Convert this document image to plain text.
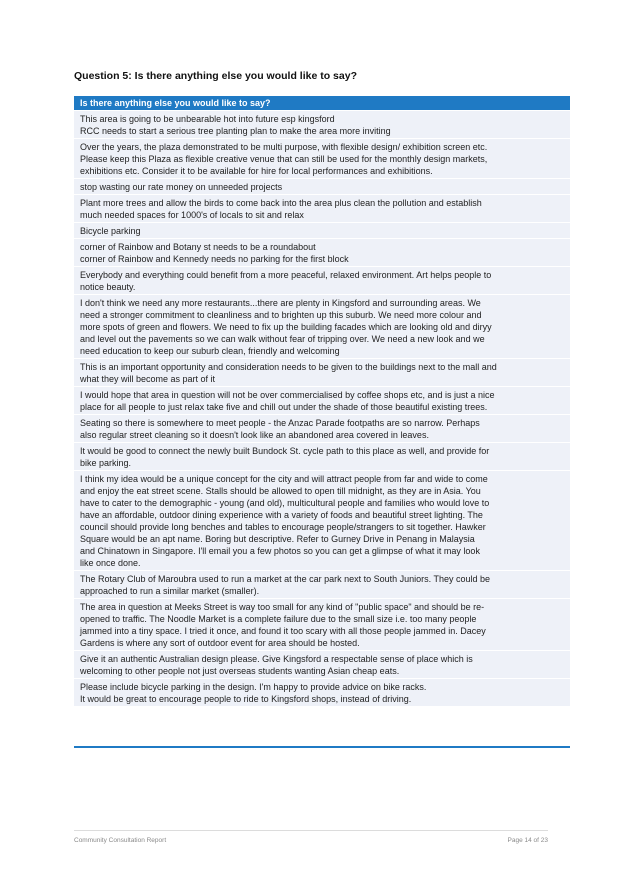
Question 5: Is there anything else you would like to say?
Is there anything else you would like to say?
This area is going to be unbearable hot into future esp kingsford
RCC needs to start a serious tree planting plan to make the area more inviting
Over the years, the plaza demonstrated to be multi purpose, with flexible design/ exhibition screen etc.
Please keep this Plaza as flexible creative venue that can still be used for the monthly design markets,
exhibitions etc. Consider it to be available for hire for local performances and exhibitions.
stop wasting our rate money on unneeded projects
Plant more trees and allow the birds to come back into the area plus clean the pollution and establish
much needed spaces for 1000's of locals to sit and relax
Bicycle parking
corner of Rainbow and Botany st needs to be a roundabout
corner of Rainbow and Kennedy needs no parking for the first block
Everybody and everything could benefit from a more peaceful, relaxed environment. Art helps people to
notice beauty.
I don't think we need any more restaurants...there are plenty in Kingsford and surrounding areas. We
need a stronger commitment to cleanliness and to brighten up this suburb. We need more colour and
more spots of green and flowers. We need to fix up the building facades which are looking old and diryy
and level out the pavements so we can walk without fear of tripping over. We need a new look and we
need education to keep our suburb clean, friendly and welcoming
This is an important opportunity and consideration needs to be given to the buildings next to the mall and
what they will become as part of it
I would hope that area in question will not be over commercialised by coffee shops etc, and is just a nice
place for all people to just relax take five and chill out under the shade of those beautiful existing trees.
Seating so there is somewhere to meet people - the Anzac Parade footpaths are so narrow. Perhaps
also regular street cleaning so it doesn't look like an abandoned area covered in leaves.
It would be good to connect the newly built Bundock St. cycle path to this place as well, and provide for
bike parking.
I think my idea would be a unique concept for the city and will attract people from far and wide to come
and enjoy the eat street scene. Stalls should be allowed to open till midnight, as they are in Asia. You
have to cater to the demographic - young (and old), multicultural people and families who would love to
have an affordable, outdoor dining experience with a variety of foods and beautiful street lighting. The
council should provide long benches and tables to encourage people/strangers to sit together. Hawker
Square would be an apt name. Boring but descriptive. Refer to Gurney Drive in Penang in Malaysia
and Chinatown in Singapore. I'll email you a few photos so you can get a glimpse of what it may look
like once done.
The Rotary Club of Maroubra used to run a market at the car park next to South Juniors. They could be
approached to run a similar market (smaller).
The area in question at Meeks Street is way too small for any kind of "public space" and should be re-
opened to traffic. The Noodle Market is a complete failure due to the small size i.e. too many people
jammed into a tiny space. I tried it once, and found it too scary with all those people jammed in. Dacey
Gardens is where any sort of outdoor event for area should be hosted.
Give it an authentic Australian design please. Give Kingsford a respectable sense of place which is
welcoming to other people not just overseas students wanting Asian cheap eats.
Please include bicycle parking in the design. I'm happy to provide advice on bike racks.
It would be great to encourage people to ride to Kingsford shops, instead of driving.
Community Consultation Report	Page 14 of 23
